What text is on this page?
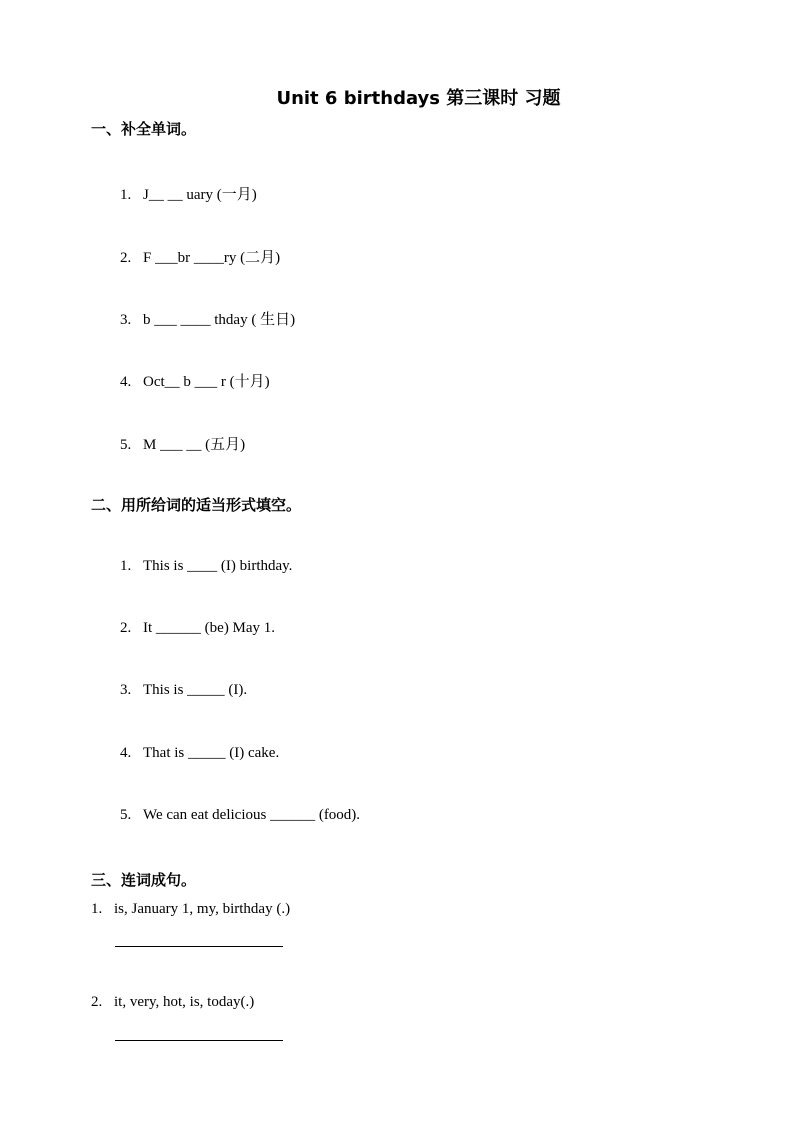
Unit 6 birthdays 第三课时 习题
一、补全单词。
1. J__ __ uary (一月)
2. F ___br ____ry (二月)
3. b ___ ____ thday ( 生日)
4. Oct__ b ___ r (十月)
5. M ___ __ (五月)
二、用所给词的适当形式填空。
1. This is ____ (I) birthday.
2. It ______ (be) May 1.
3. This is _____ (I).
4. That is _____ (I) cake.
5. We can eat delicious ______ (food).
三、连词成句。
1. is, January 1, my, birthday (.)
2. it, very, hot, is, today(.)
